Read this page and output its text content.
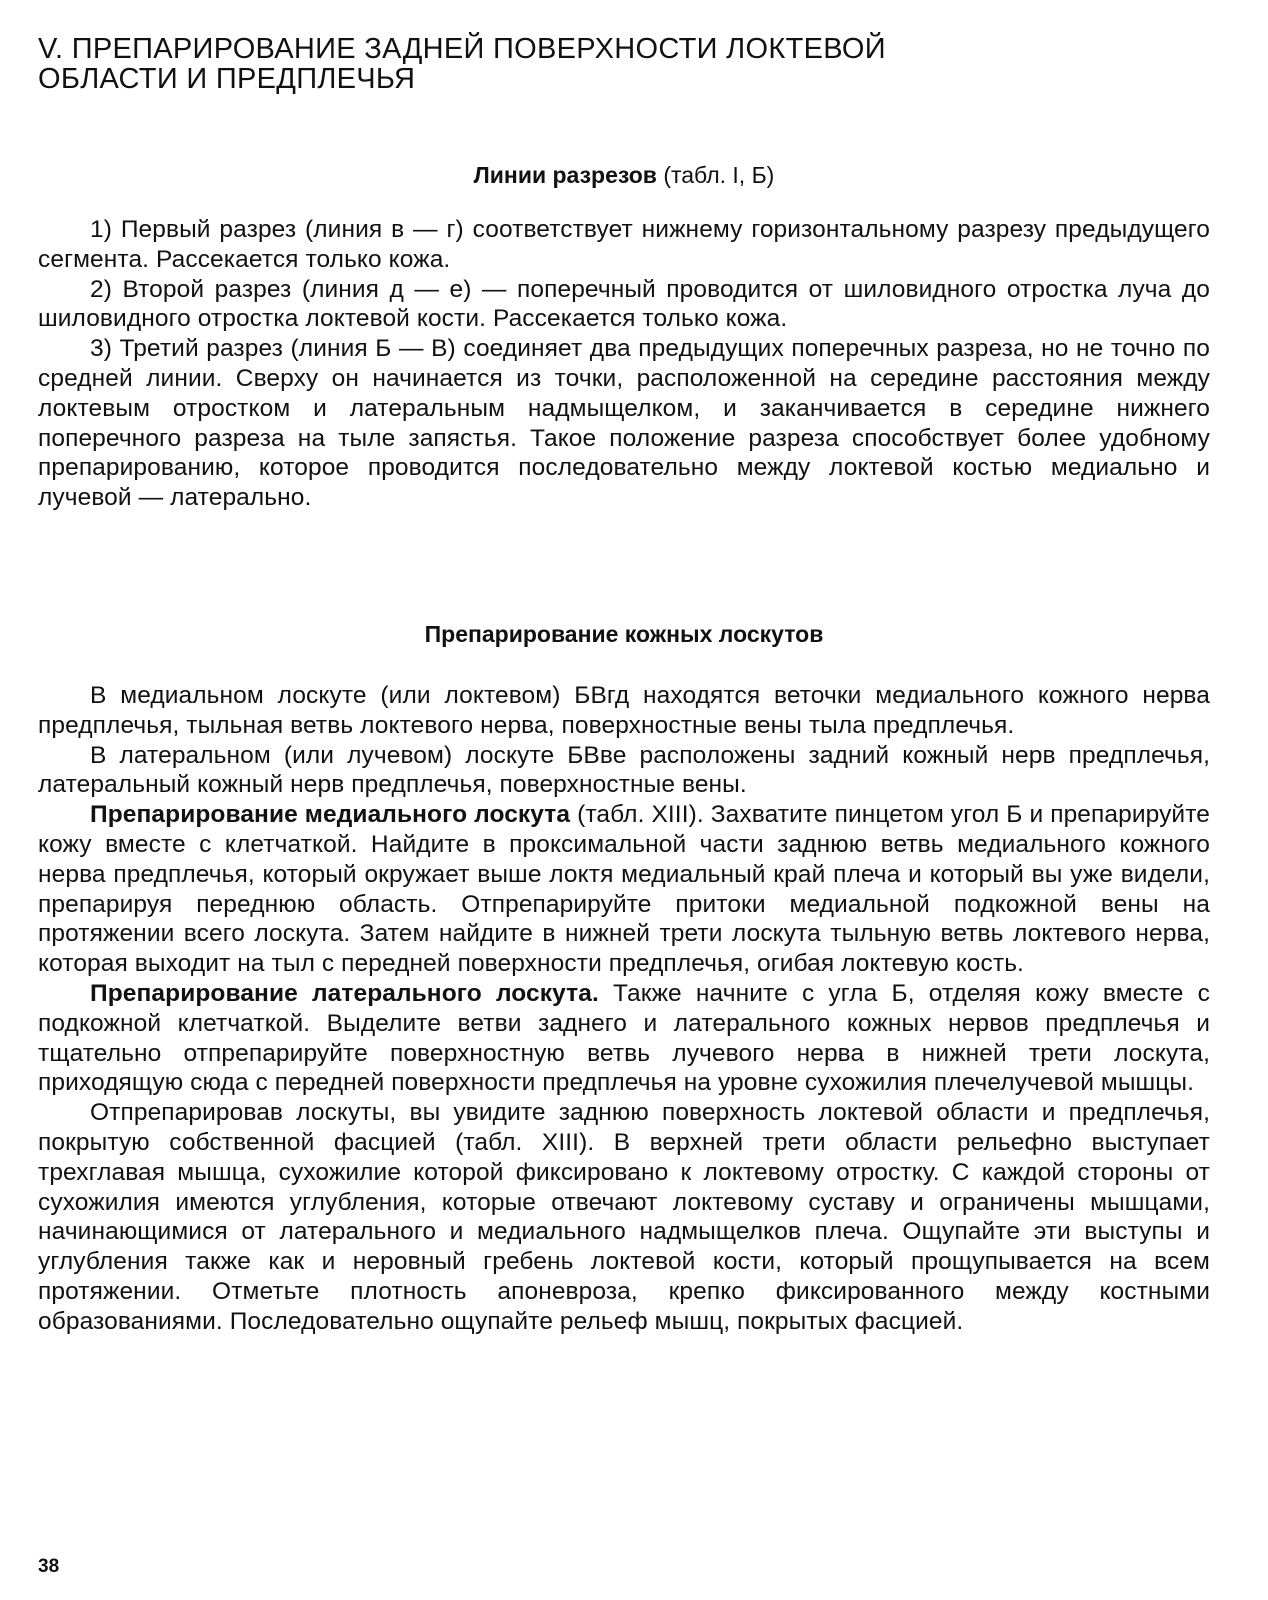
V. ПРЕПАРИРОВАНИЕ ЗАДНЕЙ ПОВЕРХНОСТИ ЛОКТЕВОЙ
ОБЛАСТИ И ПРЕДПЛЕЧЬЯ
Линии разрезов (табл. I, Б)

1) Первый разрез (линия в — г) соответствует нижнему горизонтальному разрезу предыдущего сегмента. Рассекается только кожа.

2) Второй разрез (линия д — е) — поперечный проводится от шиловидного отростка луча до шиловидного отростка локтевой кости. Рассекается только кожа.

3) Третий разрез (линия Б — В) соединяет два предыдущих поперечных разреза, но не точно по средней линии. Сверху он начинается из точки, расположенной на середине расстояния между локтевым отростком и латеральным надмыщелком, и заканчивается в середине нижнего поперечного разреза на тыле запястья. Такое положение разреза способствует более удобному препарированию, которое проводится последовательно между локтевой костью медиально и лучевой — латерально.

Препарирование кожных лоскутов

В медиальном лоскуте (или локтевом) БВгд находятся веточки медиального кожного нерва предплечья, тыльная ветвь локтевого нерва, поверхностные вены тыла предплечья.

В латеральном (или лучевом) лоскуте БВве расположены задний кожный нерв предплечья, латеральный кожный нерв предплечья, поверхностные вены.

Препарирование медиального лоскута (табл. XIII). Захватите пинцетом угол Б и препарируйте кожу вместе с клетчаткой. Найдите в проксимальной части заднюю ветвь медиального кожного нерва предплечья, который окружает выше локтя медиальный край плеча и который вы уже видели, препарируя переднюю область. Отпрепарируйте притоки медиальной подкожной вены на протяжении всего лоскута. Затем найдите в нижней трети лоскута тыльную ветвь локтевого нерва, которая выходит на тыл с передней поверхности предплечья, огибая локтевую кость.

Препарирование латерального лоскута. Также начните с угла Б, отделяя кожу вместе с подкожной клетчаткой. Выделите ветви заднего и латерального кожных нервов предплечья и тщательно отпрепарируйте поверхностную ветвь лучевого нерва в нижней трети лоскута, приходящую сюда с передней поверхности предплечья на уровне сухожилия плечелучевой мышцы.

Отпрепарировав лоскуты, вы увидите заднюю поверхность локтевой области и предплечья, покрытую собственной фасцией (табл. XIII). В верхней трети области рельефно выступает трехглавая мышца, сухожилие которой фиксировано к локтевому отростку. С каждой стороны от сухожилия имеются углубления, которые отвечают локтевому суставу и ограничены мышцами, начинающимися от латерального и медиального надмыщелков плеча. Ощупайте эти выступы и углубления также как и неровный гребень локтевой кости, который прощупывается на всем протяжении. Отметьте плотность апоневроза, крепко фиксированного между костными образованиями. Последовательно ощупайте рельеф мышц, покрытых фасцией.

38
